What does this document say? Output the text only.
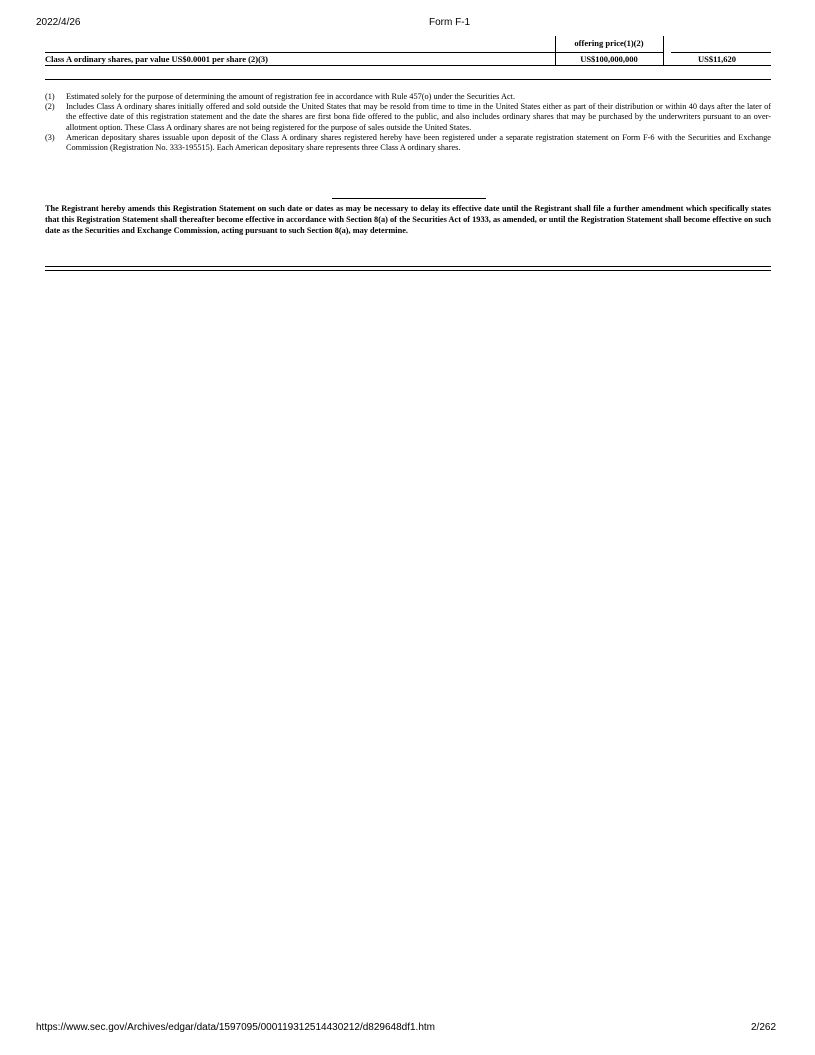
2022/4/26	Form F-1
offering price(1)(2)
Class A ordinary shares, par value US$0.0001 per share (2)(3)	US$100,000,000	US$11,620

(1) Estimated solely for the purpose of determining the amount of registration fee in accordance with Rule 457(o) under the Securities Act.

(2) Includes Class A ordinary shares initially offered and sold outside the United States that may be resold from time to time in the United States either as part of their distribution or within 40 days after the later of the effective date of this registration statement and the date the shares are first bona fide offered to the public, and also includes ordinary shares that may be purchased by the underwriters pursuant to an over-allotment option. These Class A ordinary shares are not being registered for the purpose of sales outside the United States.

(3) American depositary shares issuable upon deposit of the Class A ordinary shares registered hereby have been registered under a separate registration statement on Form F-6 with the Securities and Exchange Commission (Registration No. 333-195515). Each American depositary share represents three Class A ordinary shares.

The Registrant hereby amends this Registration Statement on such date or dates as may be necessary to delay its effective date until the Registrant shall file a further amendment which specifically states that this Registration Statement shall thereafter become effective in accordance with Section 8(a) of the Securities Act of 1933, as amended, or until the Registration Statement shall become effective on such date as the Securities and Exchange Commission, acting pursuant to such Section 8(a), may determine.

https://www.sec.gov/Archives/edgar/data/1597095/000119312514430212/d829648df1.htm	2/262
